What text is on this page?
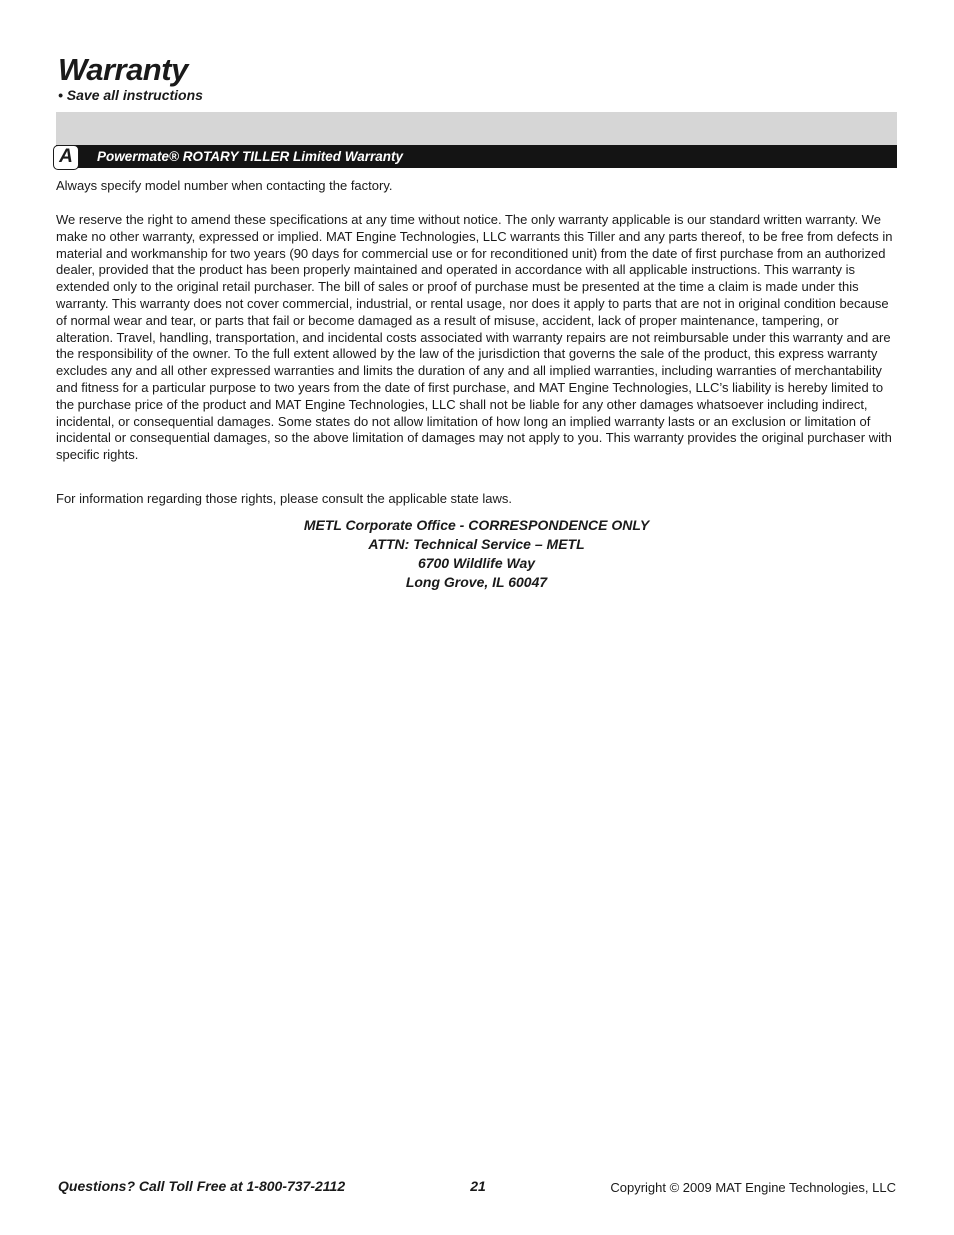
Warranty
• Save all instructions
A	Powermate® ROTARY TILLER Limited Warranty

Always specify model number when contacting the factory.

We reserve the right to amend these specifications at any time without notice. The only warranty applicable is our standard written warranty. We make no other warranty, expressed or implied. MAT Engine Technologies, LLC warrants this Tiller and any parts thereof, to be free from defects in material and workmanship for two years (90 days for commercial use or for reconditioned unit) from the date of first purchase from an authorized dealer, provided that the product has been properly maintained and operated in accordance with all applicable instructions. This warranty is extended only to the original retail purchaser. The bill of sales or proof of purchase must be presented at the time a claim is made under this warranty. This warranty does not cover commercial, industrial, or rental usage, nor does it apply to parts that are not in original condition because of normal wear and tear, or parts that fail or become damaged as a result of misuse, accident, lack of proper maintenance, tampering, or alteration. Travel, handling, transportation, and incidental costs associated with warranty repairs are not reimbursable under this warranty and are the responsibility of the owner. To the full extent allowed by the law of the jurisdiction that governs the sale of the product, this express warranty excludes any and all other expressed warranties and limits the duration of any and all implied warranties, including warranties of merchantability and fitness for a particular purpose to two years from the date of first purchase, and MAT Engine Technologies, LLC’s liability is hereby limited to the purchase price of the product and MAT Engine Technologies, LLC shall not be liable for any other damages whatsoever including indirect, incidental, or consequential damages. Some states do not allow limitation of how long an implied warranty lasts or an exclusion or limitation of incidental or consequential damages, so the above limitation of damages may not apply to you. This warranty provides the original purchaser with specific rights.

For information regarding those rights, please consult the applicable state laws.

METL Corporate Office - CORRESPONDENCE ONLY
ATTN: Technical Service – METL
6700 Wildlife Way
Long Grove, IL 60047
Questions? Call Toll Free at 1-800-737-2112	21	Copyright © 2009 MAT Engine Technologies, LLC
